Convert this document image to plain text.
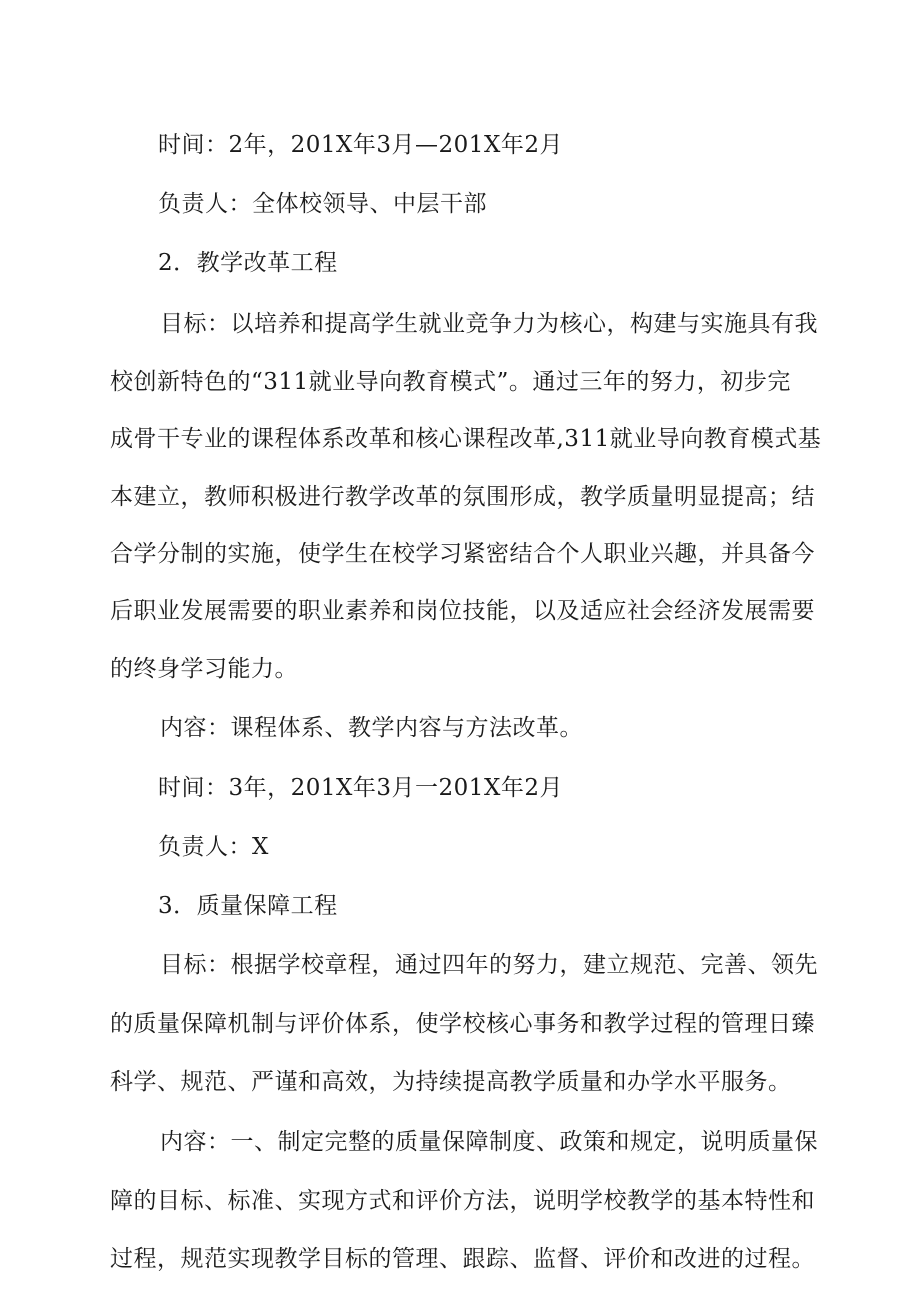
时间：2年，201X年3月—201X年2月
负责人：全体校领导、中层干部
2．教学改革工程
目标：以培养和提高学生就业竞争力为核心，构建与实施具有我
校创新特色的“311就业导向教育模式”。通过三年的努力，初步完
成骨干专业的课程体系改革和核心课程改革,311就业导向教育模式基
本建立，教师积极进行教学改革的氛围形成，教学质量明显提高；结
合学分制的实施，使学生在校学习紧密结合个人职业兴趣，并具备今
后职业发展需要的职业素养和岗位技能，以及适应社会经济发展需要
的终身学习能力。
内容：课程体系、教学内容与方法改革。
时间：3年，201X年3月一201X年2月
负责人：X
3．质量保障工程
目标：根据学校章程，通过四年的努力，建立规范、完善、领先
的质量保障机制与评价体系，使学校核心事务和教学过程的管理日臻
科学、规范、严谨和高效，为持续提高教学质量和办学水平服务。
内容：一、制定完整的质量保障制度、政策和规定，说明质量保
障的目标、标准、实现方式和评价方法，说明学校教学的基本特性和
过程，规范实现教学目标的管理、跟踪、监督、评价和改进的过程。
